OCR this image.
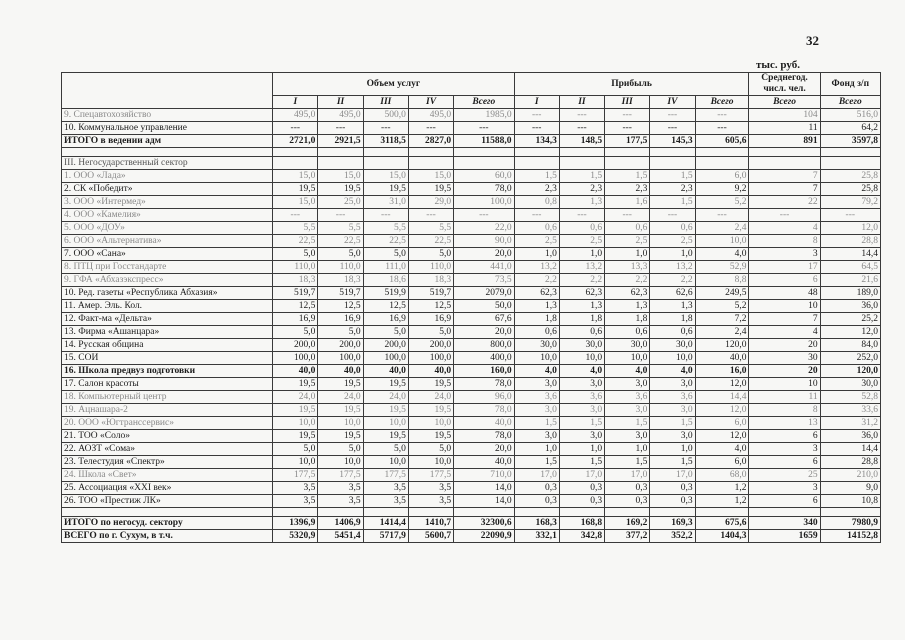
32
тыс. руб.
	Объем услуг					Прибыль					Среднегод. числ. чел.	Фонд з/п
	I	II	III	IV	Всего	I	II	III	IV	Всего	Всего	Всего
9. Спецавтохозяйство	495,0	495,0	500,0	495,0	1985,0	---	---	---	---	---	104	516,0
10. Коммунальное управление	---	---	---	---	---	---	---	---	---	---	11	64,2
ИТОГО в ведении адм	2721,0	2921,5	3118,5	2827,0	11588,0	134,3	148,5	177,5	145,3	605,6	891	3597,8

III. Негосударственный сектор												
1. ООО «Лада»	15,0	15,0	15,0	15,0	60,0	1,5	1,5	1,5	1,5	6,0	7	25,8
2. СК «Победит»	19,5	19,5	19,5	19,5	78,0	2,3	2,3	2,3	2,3	9,2	7	25,8
3. ООО «Интермед»	15,0	25,0	31,0	29,0	100,0	0,8	1,3	1,6	1,5	5,2	22	79,2
4. ООО «Камелия»	---	---	---	---	---	---	---	---	---	---	---	---
5. ООО «ДОУ»	5,5	5,5	5,5	5,5	22,0	0,6	0,6	0,6	0,6	2,4	4	12,0
6. ООО «Альтернатива»	22,5	22,5	22,5	22,5	90,0	2,5	2,5	2,5	2,5	10,0	8	28,8
7. ООО «Сана»	5,0	5,0	5,0	5,0	20,0	1,0	1,0	1,0	1,0	4,0	3	14,4
8. ПТЦ при Госстандарте	110,0	110,0	111,0	110,0	441,0	13,2	13,2	13,3	13,2	52,9	17	64,5
9. ГФА «Абхазэкспресс»	18,3	18,3	18,6	18,3	73,5	2,2	2,2	2,2	2,2	8,8	6	21,6
10. Ред. газеты «Республика Абхазия»	519,7	519,7	519,9	519,7	2079,0	62,3	62,3	62,3	62,6	249,5	48	189,0
11. Амер. Эль. Кол.	12,5	12,5	12,5	12,5	50,0	1,3	1,3	1,3	1,3	5,2	10	36,0
12. Факт-ма «Дельта»	16,9	16,9	16,9	16,9	67,6	1,8	1,8	1,8	1,8	7,2	7	25,2
13. Фирма «Ашанцара»	5,0	5,0	5,0	5,0	20,0	0,6	0,6	0,6	0,6	2,4	4	12,0
14. Русская община	200,0	200,0	200,0	200,0	800,0	30,0	30,0	30,0	30,0	120,0	20	84,0
15. СОИ	100,0	100,0	100,0	100,0	400,0	10,0	10,0	10,0	10,0	40,0	30	252,0
16. Школа предвуз подготовки	40,0	40,0	40,0	40,0	160,0	4,0	4,0	4,0	4,0	16,0	20	120,0
17. Салон красоты	19,5	19,5	19,5	19,5	78,0	3,0	3,0	3,0	3,0	12,0	10	30,0
18. Компьютерный центр	24,0	24,0	24,0	24,0	96,0	3,6	3,6	3,6	3,6	14,4	11	52,8
19. Ацнашара-2	19,5	19,5	19,5	19,5	78,0	3,0	3,0	3,0	3,0	12,0	8	33,6
20. ООО «Югтранссервис»	10,0	10,0	10,0	10,0	40,0	1,5	1,5	1,5	1,5	6,0	13	31,2
21. ТОО «Соло»	19,5	19,5	19,5	19,5	78,0	3,0	3,0	3,0	3,0	12,0	6	36,0
22. АОЗТ «Сома»	5,0	5,0	5,0	5,0	20,0	1,0	1,0	1,0	1,0	4,0	3	14,4
23. Телестудия «Спектр»	10,0	10,0	10,0	10,0	40,0	1,5	1,5	1,5	1,5	6,0	6	28,8
24. Школа «Свет»	177,5	177,5	177,5	177,5	710,0	17,0	17,0	17,0	17,0	68,0	25	210,0
25. Ассоциация «XXI век»	3,5	3,5	3,5	3,5	14,0	0,3	0,3	0,3	0,3	1,2	3	9,0
26. ТОО «Престиж ЛК»	3,5	3,5	3,5	3,5	14,0	0,3	0,3	0,3	0,3	1,2	6	10,8

ИТОГО по негосуд. сектору	1396,9	1406,9	1414,4	1410,7	32300,6	168,3	168,8	169,2	169,3	675,6	340	7980,9
ВСЕГО по г. Сухум, в т.ч.	5320,9	5451,4	5717,9	5600,7	22090,9	332,1	342,8	377,2	352,2	1404,3	1659	14152,8
